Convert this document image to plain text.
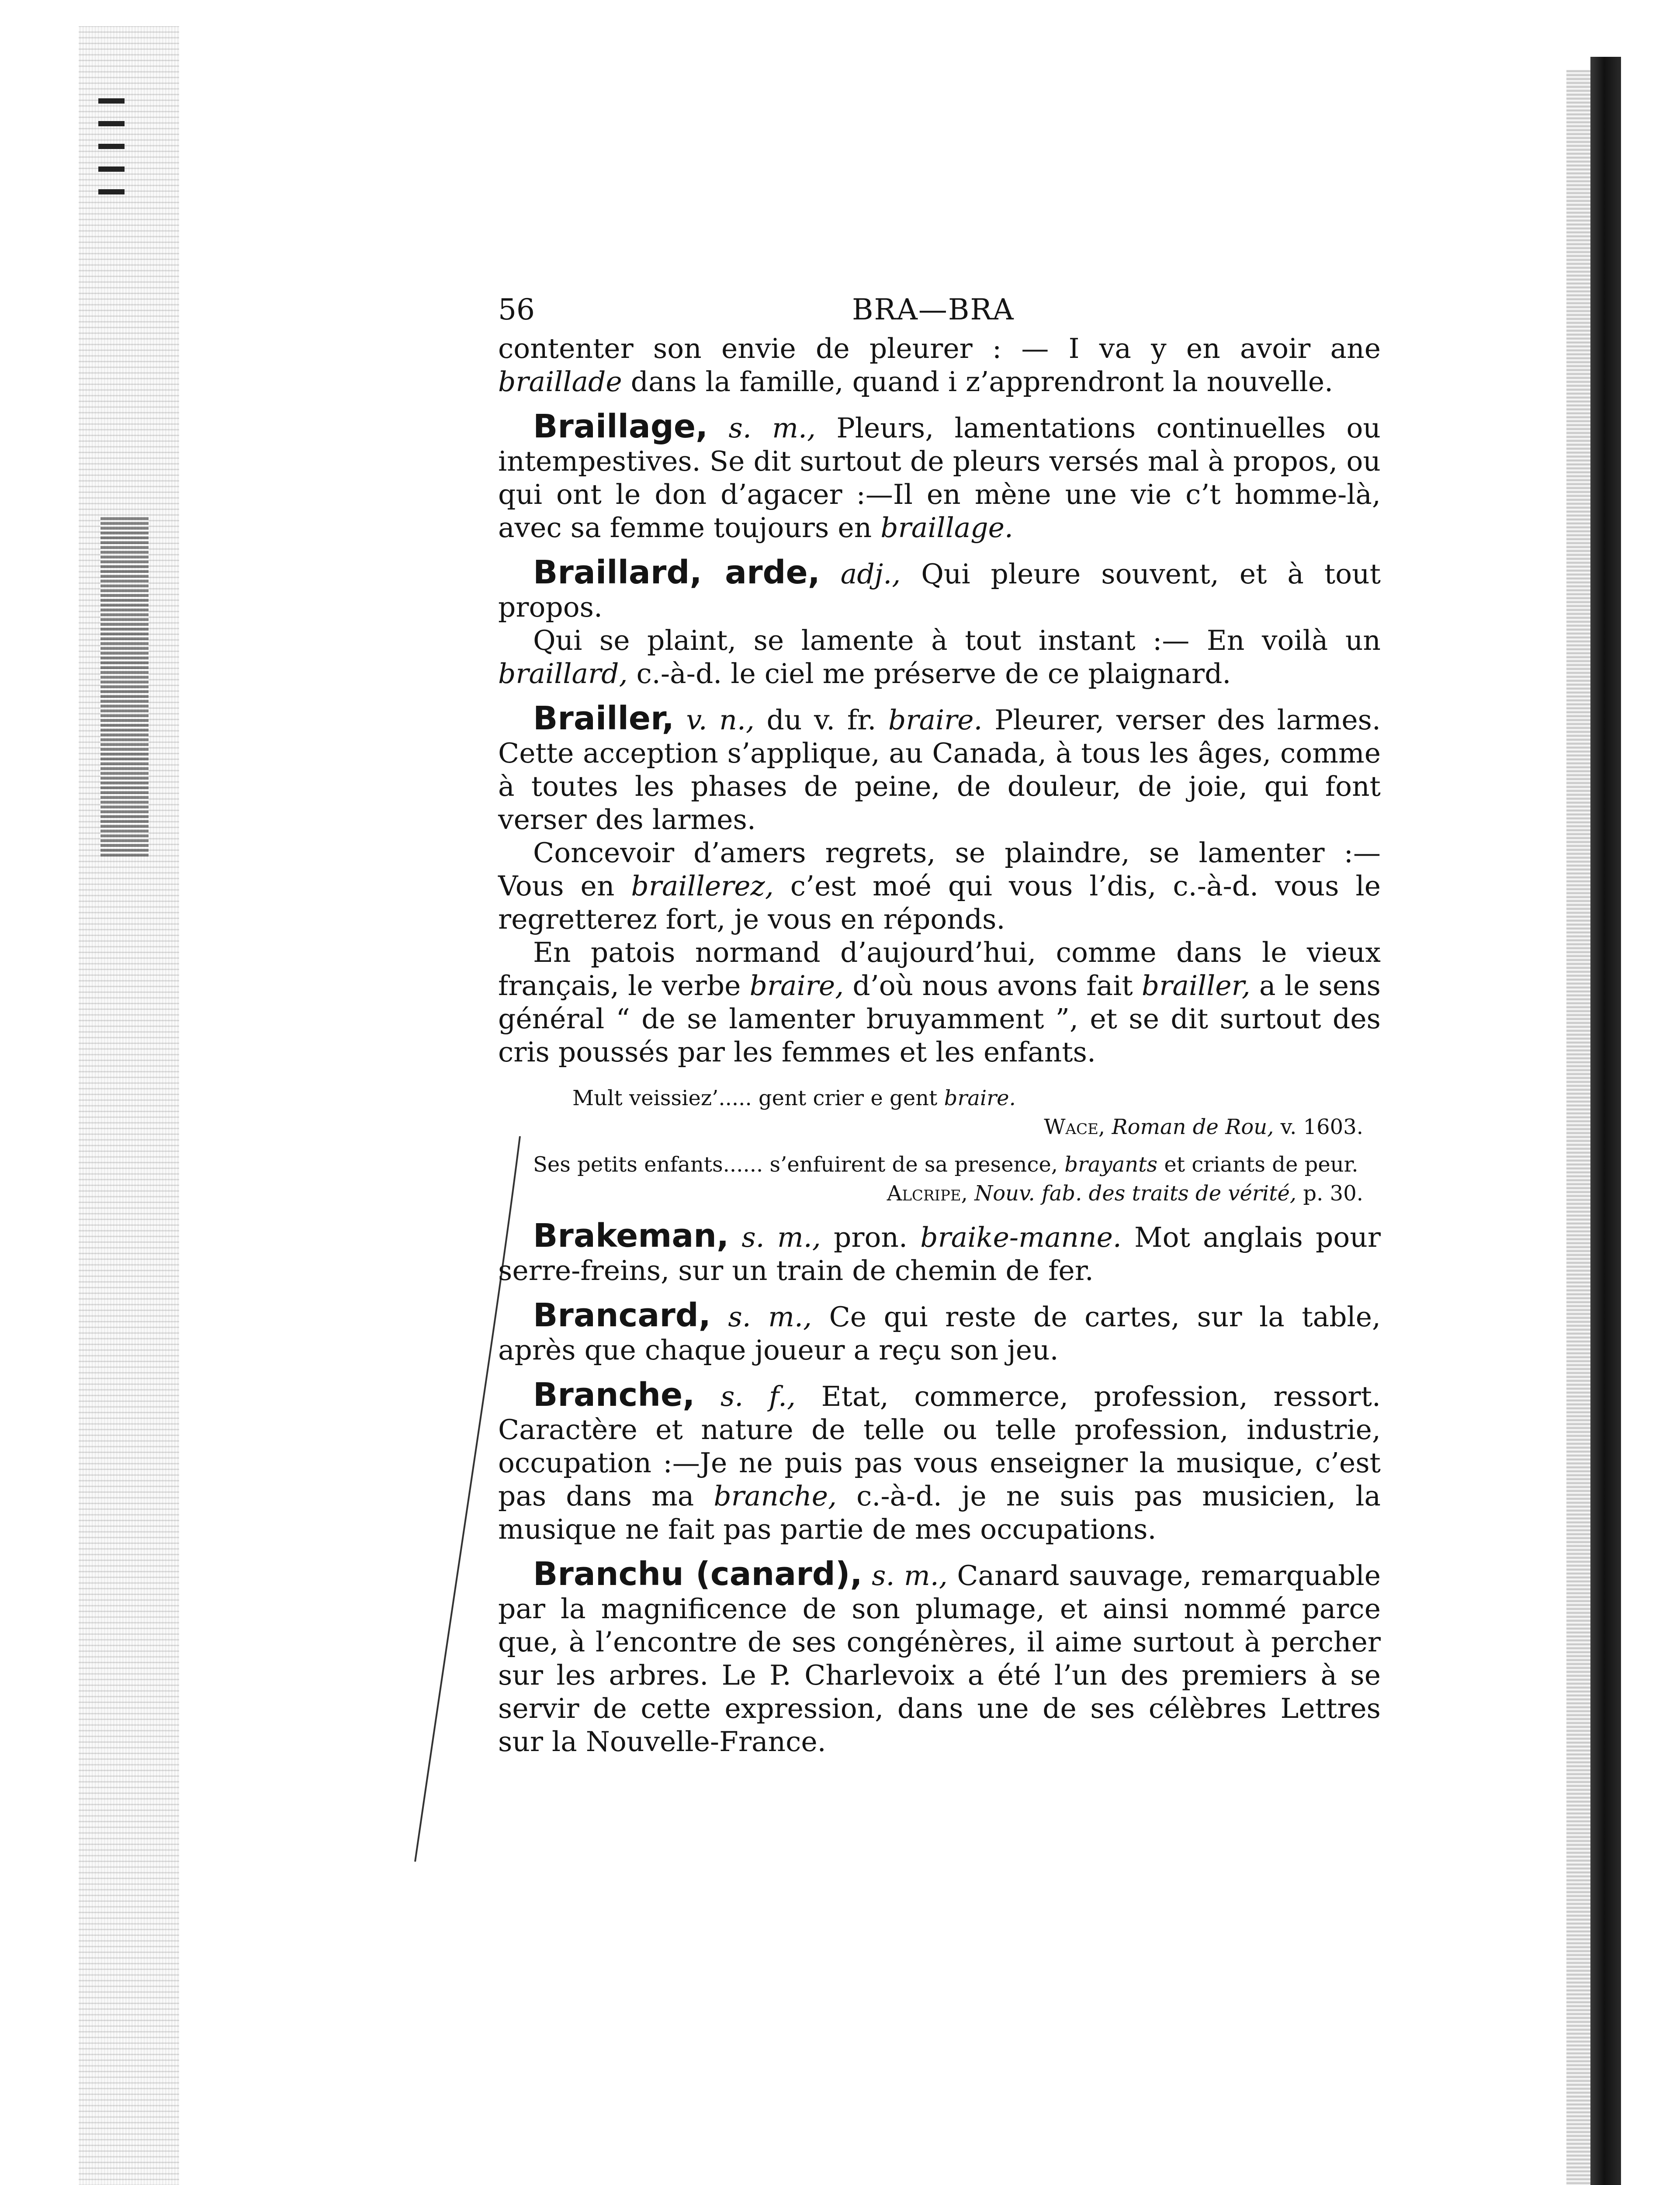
56	BRA—BRA

contenter son envie de pleurer : — I va y en avoir ane braillade dans la famille, quand i z’apprendront la nouvelle.

Braillage, s. m., Pleurs, lamentations continuelles ou intempestives. Se dit surtout de pleurs versés mal à propos, ou qui ont le don d’agacer :—Il en mène une vie c’t homme-là, avec sa femme toujours en braillage.

Braillard, arde, adj., Qui pleure souvent, et à tout propos.

Qui se plaint, se lamente à tout instant :— En voilà un braillard, c.-à-d. le ciel me préserve de ce plaignard.

Brailler, v. n., du v. fr. braire. Pleurer, verser des larmes. Cette acception s’applique, au Canada, à tous les âges, comme à toutes les phases de peine, de douleur, de joie, qui font verser des larmes.

Concevoir d’amers regrets, se plaindre, se lamenter :— Vous en braillerez, c’est moé qui vous l’dis, c.-à-d. vous le regretterez fort, je vous en réponds.

En patois normand d’aujourd’hui, comme dans le vieux français, le verbe braire, d’où nous avons fait brailler, a le sens général “ de se lamenter bruyamment ”, et se dit surtout des cris poussés par les femmes et les enfants.

Mult veissiez’..... gent crier e gent braire.

Wace, Roman de Rou, v. 1603.

Ses petits enfants...... s’enfuirent de sa presence, brayants et criants de peur.

Alcripe, Nouv. fab. des traits de vérité, p. 30.

Brakeman, s. m., pron. braike-manne. Mot anglais pour serre-freins, sur un train de chemin de fer.

Brancard, s. m., Ce qui reste de cartes, sur la table, après que chaque joueur a reçu son jeu.

Branche, s. f., Etat, commerce, profession, ressort. Caractère et nature de telle ou telle profession, industrie, occupation :—Je ne puis pas vous enseigner la musique, c’est pas dans ma branche, c.-à-d. je ne suis pas musicien, la musique ne fait pas partie de mes occupations.

Branchu (canard), s. m., Canard sauvage, remarquable par la magnificence de son plumage, et ainsi nommé parce que, à l’encontre de ses congénères, il aime surtout à percher sur les arbres. Le P. Charlevoix a été l’un des premiers à se servir de cette expression, dans une de ses célèbres Lettres sur la Nouvelle-France.
